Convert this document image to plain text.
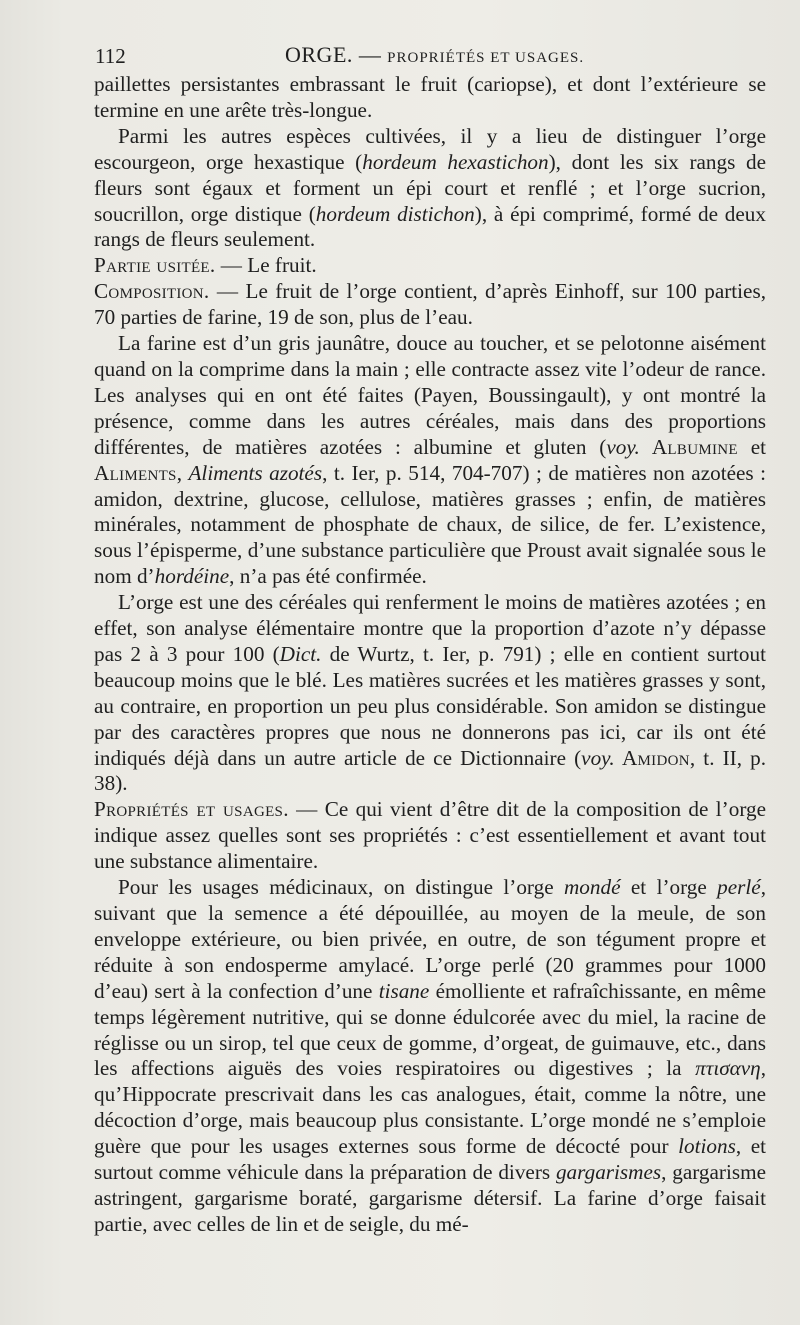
112	ORGE. — PROPRIÉTÉS ET USAGES.

paillettes persistantes embrassant le fruit (cariopse), et dont l’extérieure se termine en une arête très-longue.

Parmi les autres espèces cultivées, il y a lieu de distinguer l’orge escourgeon, orge hexastique (hordeum hexastichon), dont les six rangs de fleurs sont égaux et forment un épi court et renflé ; et l’orge sucrion, soucrillon, orge distique (hordeum distichon), à épi comprimé, formé de deux rangs de fleurs seulement.

Partie usitée. — Le fruit.

Composition. — Le fruit de l’orge contient, d’après Einhoff, sur 100 parties, 70 parties de farine, 19 de son, plus de l’eau.

La farine est d’un gris jaunâtre, douce au toucher, et se pelotonne aisément quand on la comprime dans la main ; elle contracte assez vite l’odeur de rance. Les analyses qui en ont été faites (Payen, Boussingault), y ont montré la présence, comme dans les autres céréales, mais dans des proportions différentes, de matières azotées : albumine et gluten (voy. Albumine et Aliments, Aliments azotés, t. Ier, p. 514, 704-707) ; de matières non azotées : amidon, dextrine, glucose, cellulose, matières grasses ; enfin, de matières minérales, notamment de phosphate de chaux, de silice, de fer. L’existence, sous l’épisperme, d’une substance particulière que Proust avait signalée sous le nom d’hordéine, n’a pas été confirmée.

L’orge est une des céréales qui renferment le moins de matières azotées ; en effet, son analyse élémentaire montre que la proportion d’azote n’y dépasse pas 2 à 3 pour 100 (Dict. de Wurtz, t. Ier, p. 791) ; elle en contient surtout beaucoup moins que le blé. Les matières sucrées et les matières grasses y sont, au contraire, en proportion un peu plus considérable. Son amidon se distingue par des caractères propres que nous ne donnerons pas ici, car ils ont été indiqués déjà dans un autre article de ce Dictionnaire (voy. Amidon, t. II, p. 38).

Propriétés et usages. — Ce qui vient d’être dit de la composition de l’orge indique assez quelles sont ses propriétés : c’est essentiellement et avant tout une substance alimentaire.

Pour les usages médicinaux, on distingue l’orge mondé et l’orge perlé, suivant que la semence a été dépouillée, au moyen de la meule, de son enveloppe extérieure, ou bien privée, en outre, de son tégument propre et réduite à son endosperme amylacé. L’orge perlé (20 grammes pour 1000 d’eau) sert à la confection d’une tisane émolliente et rafraîchissante, en même temps légèrement nutritive, qui se donne édulcorée avec du miel, la racine de réglisse ou un sirop, tel que ceux de gomme, d’orgeat, de guimauve, etc., dans les affections aiguës des voies respiratoires ou digestives ; la πτισανη, qu’Hippocrate prescrivait dans les cas analogues, était, comme la nôtre, une décoction d’orge, mais beaucoup plus consistante. L’orge mondé ne s’emploie guère que pour les usages externes sous forme de décocté pour lotions, et surtout comme véhicule dans la préparation de divers gargarismes, gargarisme astringent, gargarisme boraté, gargarisme détersif. La farine d’orge faisait partie, avec celles de lin et de seigle, du mé-
